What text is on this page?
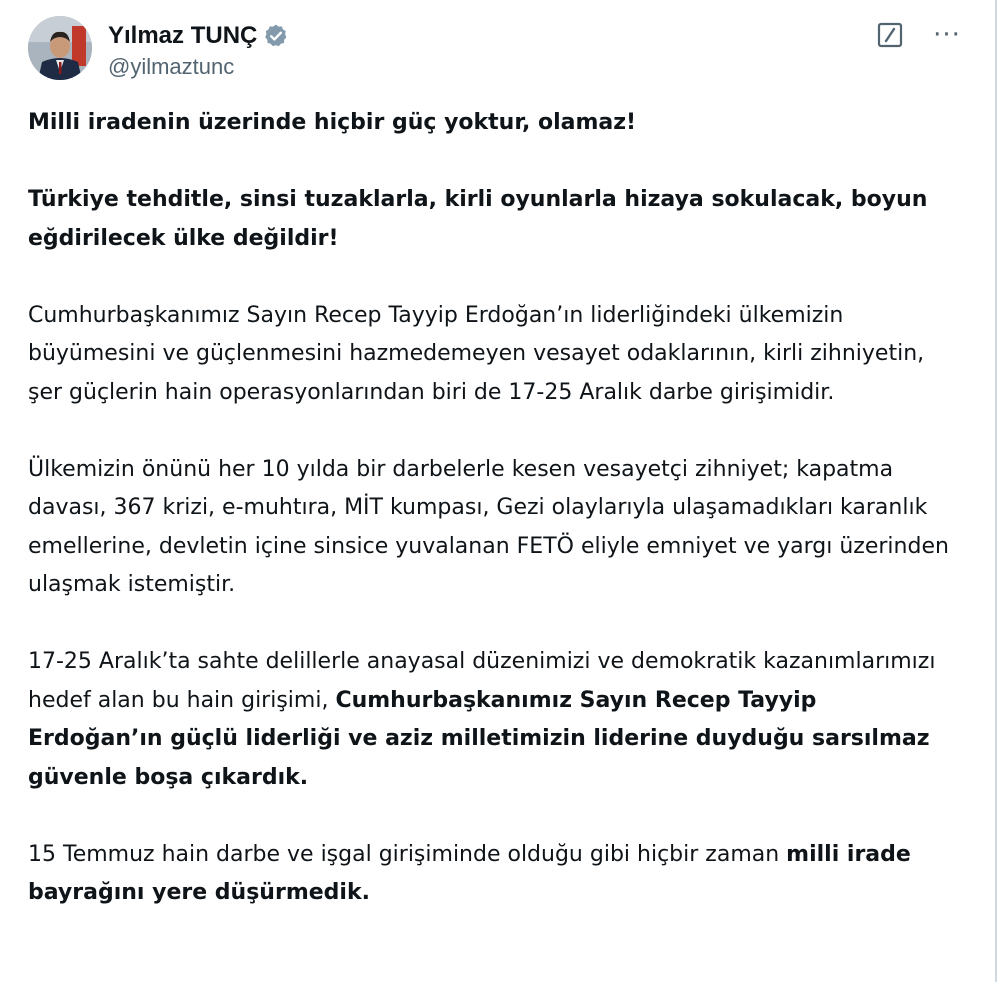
Yılmaz TUNÇ
@yilmaztunc
···

Milli iradenin üzerinde hiçbir güç yoktur, olamaz!

Türkiye tehditle, sinsi tuzaklarla, kirli oyunlarla hizaya sokulacak, boyun eğdirilecek ülke değildir!

Cumhurbaşkanımız Sayın Recep Tayyip Erdoğan’ın liderliğindeki ülkemizin büyümesini ve güçlenmesini hazmedemeyen vesayet odaklarının, kirli zihniyetin, şer güçlerin hain operasyonlarından biri de 17-25 Aralık darbe girişimidir.

Ülkemizin önünü her 10 yılda bir darbelerle kesen vesayetçi zihniyet; kapatma davası, 367 krizi, e-muhtıra, MİT kumpası, Gezi olaylarıyla ulaşamadıkları karanlık emellerine, devletin içine sinsice yuvalanan FETÖ eliyle emniyet ve yargı üzerinden ulaşmak istemiştir.

17-25 Aralık’ta sahte delillerle anayasal düzenimizi ve demokratik kazanımlarımızı hedef alan bu hain girişimi, Cumhurbaşkanımız Sayın Recep Tayyip Erdoğan’ın güçlü liderliği ve aziz milletimizin liderine duyduğu sarsılmaz güvenle boşa çıkardık.

15 Temmuz hain darbe ve işgal girişiminde olduğu gibi hiçbir zaman milli irade bayrağını yere düşürmedik.
